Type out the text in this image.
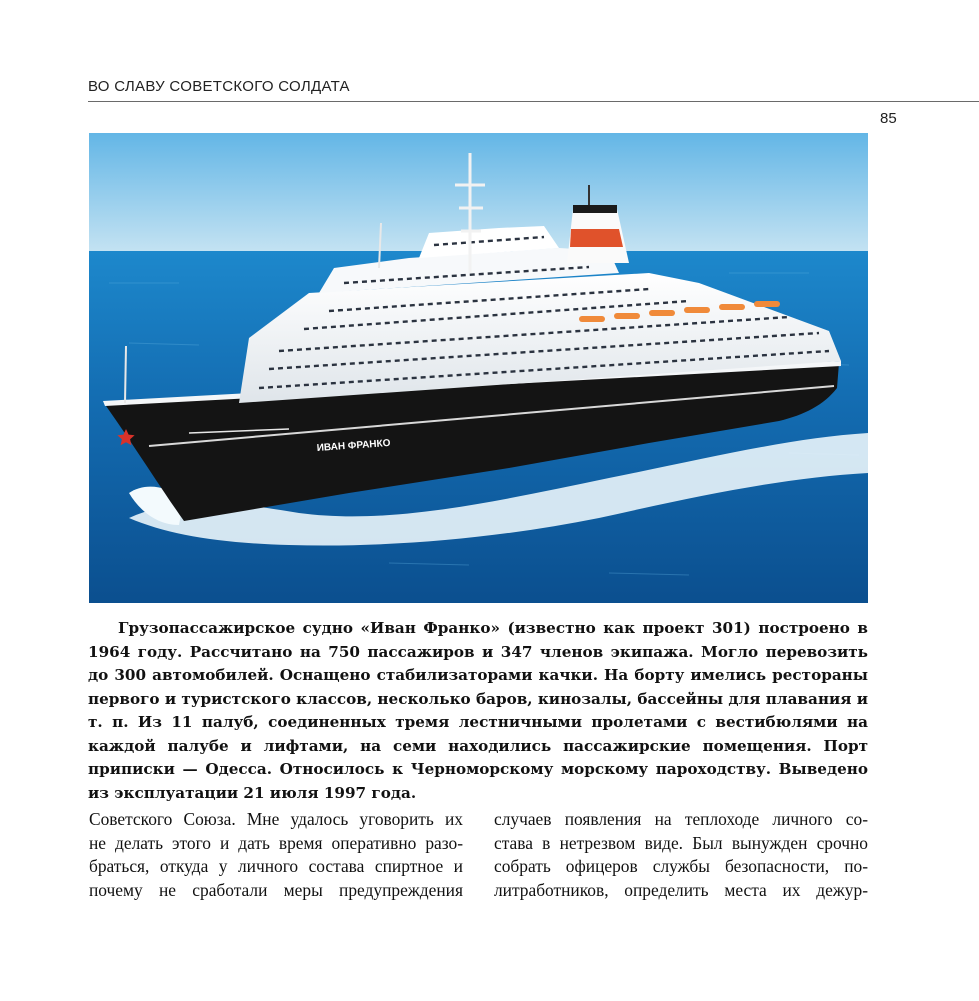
ВО СЛАВУ СОВЕТСКОГО СОЛДАТА
85
ИВАН ФРАНКО

Грузопассажирское судно «Иван Франко» (известно как проект 301) построено в 1964 году. Рассчитано на 750 пассажиров и 347 членов экипажа. Могло перевозить до 300 автомобилей. Оснащено стабилизаторами качки. На борту имелись рестораны первого и туристского классов, несколько баров, кинозалы, бассейны для плавания и т. п. Из 11 палуб, соединенных тремя лестничными пролетами с вестибюлями на каждой палубе и лифтами, на семи находились пассажирские помещения. Порт приписки — Одесса. Относилось к Черноморскому морскому пароходству. Выведено из эксплуатации 21 июля 1997 года.

Советского Союза. Мне удалось уговорить их
не делать этого и дать время оперативно разо-
браться, откуда у личного состава спиртное и
почему не сработали меры предупреждения
случаев появления на теплоходе личного со-
става в нетрезвом виде. Был вынужден срочно
собрать офицеров службы безопасности, по-
литработников, определить места их дежур-
